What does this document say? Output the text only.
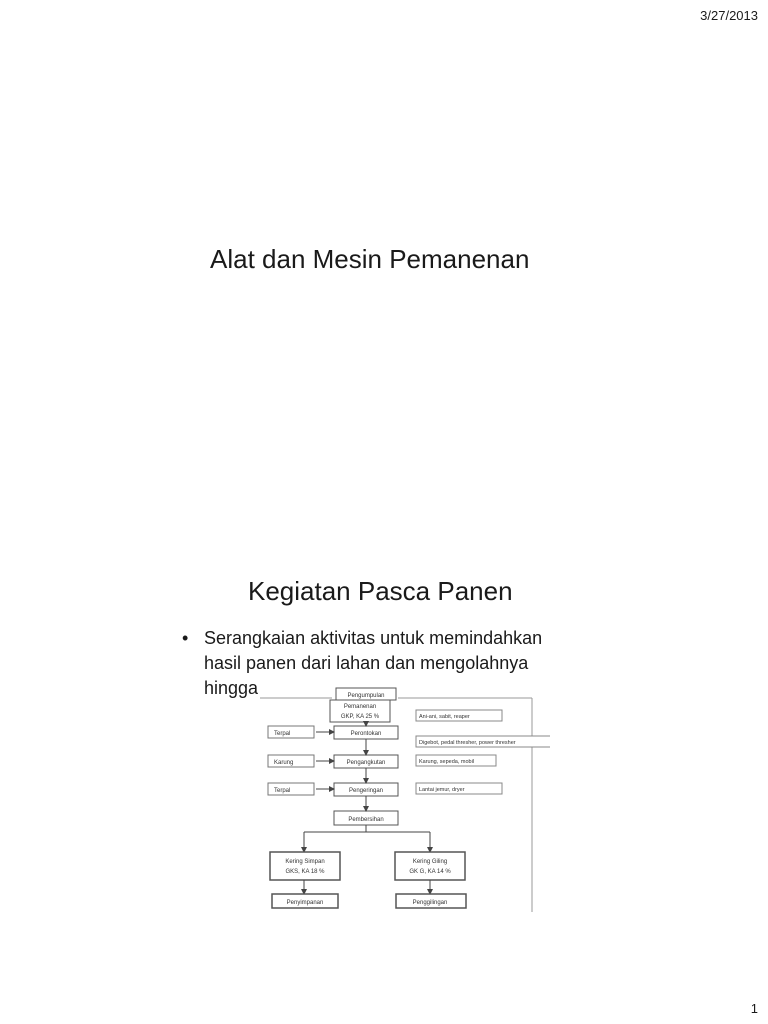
3/27/2013
Alat dan Mesin Pemanenan
Kegiatan Pasca Panen
• Serangkaian aktivitas untuk memindahkan
hasil panen dari lahan dan mengolahnya
hingga	Pengumpulan
Pemanenan
GKP, KA 25 %
Perontokan
Pengangkutan
Pengeringan
Pembersihan
Kering Simpan
GKS, KA 18 %
Kering Giling
GK G, KA 14 %
Penyimpanan	Penggilingan
Terpal
Karung
Terpal
Ani-ani, sabit, reaper
Digebot, pedal thresher, power thresher
Karung, sepeda, mobil
Lantai jemur, dryer
1
